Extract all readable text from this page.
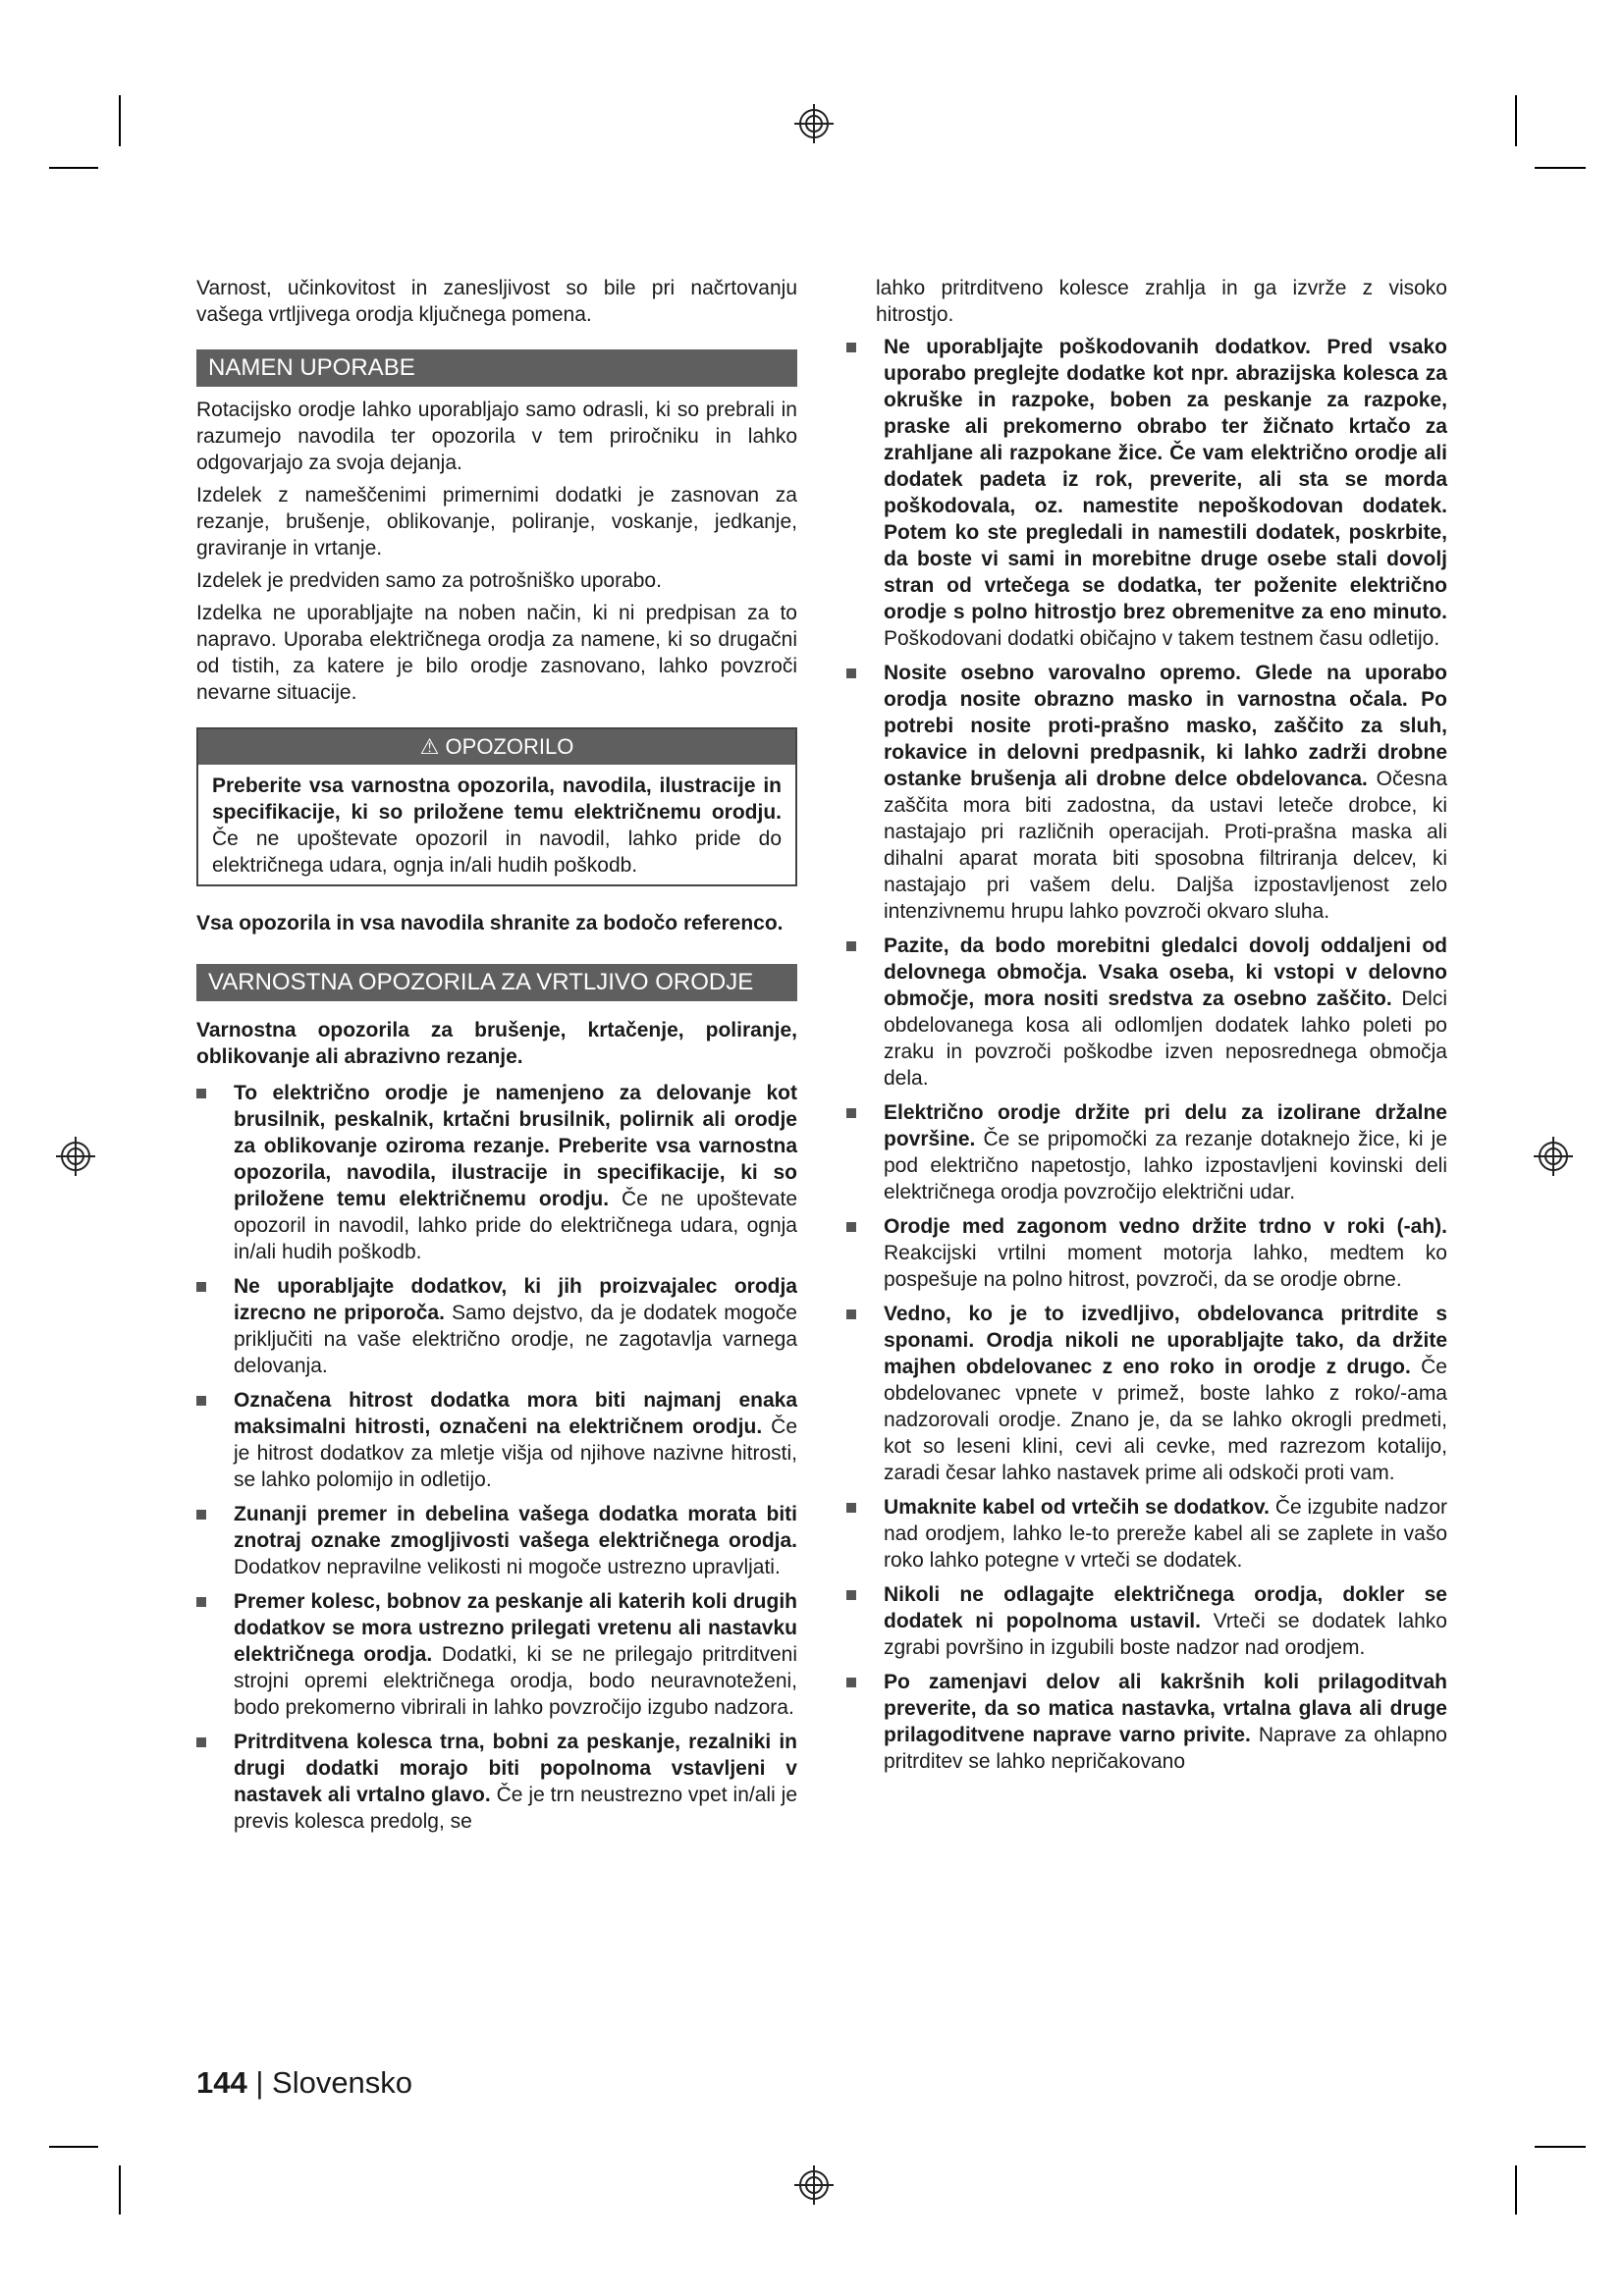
Varnost, učinkovitost in zanesljivost so bile pri načrtovanju vašega vrtljivega orodja ključnega pomena.

NAMEN UPORABE

Rotacijsko orodje lahko uporabljajo samo odrasli, ki so prebrali in razumejo navodila ter opozorila v tem priročniku in lahko odgovarjajo za svoja dejanja.

Izdelek z nameščenimi primernimi dodatki je zasnovan za rezanje, brušenje, oblikovanje, poliranje, voskanje, jedkanje, graviranje in vrtanje.

Izdelek je predviden samo za potrošniško uporabo.

Izdelka ne uporabljajte na noben način, ki ni predpisan za to napravo. Uporaba električnega orodja za namene, ki so drugačni od tistih, za katere je bilo orodje zasnovano, lahko povzroči nevarne situacije.

⚠ OPOZORILO

Preberite vsa varnostna opozorila, navodila, ilustracije in specifikacije, ki so priložene temu električnemu orodju. Če ne upoštevate opozoril in navodil, lahko pride do električnega udara, ognja in/ali hudih poškodb.

Vsa opozorila in vsa navodila shranite za bodočo referenco.

VARNOSTNA OPOZORILA ZA VRTLJIVO ORODJE

Varnostna opozorila za brušenje, krtačenje, poliranje, oblikovanje ali abrazivno rezanje.

To električno orodje je namenjeno za delovanje kot brusilnik, peskalnik, krtačni brusilnik, polirnik ali orodje za oblikovanje oziroma rezanje. Preberite vsa varnostna opozorila, navodila, ilustracije in specifikacije, ki so priložene temu električnemu orodju. Če ne upoštevate opozoril in navodil, lahko pride do električnega udara, ognja in/ali hudih poškodb.
Ne uporabljajte dodatkov, ki jih proizvajalec orodja izrecno ne priporoča. Samo dejstvo, da je dodatek mogoče priključiti na vaše električno orodje, ne zagotavlja varnega delovanja.
Označena hitrost dodatka mora biti najmanj enaka maksimalni hitrosti, označeni na električnem orodju. Če je hitrost dodatkov za mletje višja od njihove nazivne hitrosti, se lahko polomijo in odletijo.
Zunanji premer in debelina vašega dodatka morata biti znotraj oznake zmogljivosti vašega električnega orodja. Dodatkov nepravilne velikosti ni mogoče ustrezno upravljati.
Premer kolesc, bobnov za peskanje ali katerih koli drugih dodatkov se mora ustrezno prilegati vretenu ali nastavku električnega orodja. Dodatki, ki se ne prilegajo pritrditveni strojni opremi električnega orodja, bodo neuravnoteženi, bodo prekomerno vibrirali in lahko povzročijo izgubo nadzora.
Pritrditvena kolesca trna, bobni za peskanje, rezalniki in drugi dodatki morajo biti popolnoma vstavljeni v nastavek ali vrtalno glavo. Če je trn neustrezno vpet in/ali je previs kolesca predolg, se

lahko pritrditveno kolesce zrahlja in ga izvrže z visoko hitrostjo.

Ne uporabljajte poškodovanih dodatkov. Pred vsako uporabo preglejte dodatke kot npr. abrazijska kolesca za okruške in razpoke, boben za peskanje za razpoke, praske ali prekomerno obrabo ter žičnato krtačo za zrahljane ali razpokane žice. Če vam električno orodje ali dodatek padeta iz rok, preverite, ali sta se morda poškodovala, oz. namestite nepoškodovan dodatek. Potem ko ste pregledali in namestili dodatek, poskrbite, da boste vi sami in morebitne druge osebe stali dovolj stran od vrtečega se dodatka, ter poženite električno orodje s polno hitrostjo brez obremenitve za eno minuto. Poškodovani dodatki običajno v takem testnem času odletijo.
Nosite osebno varovalno opremo. Glede na uporabo orodja nosite obrazno masko in varnostna očala. Po potrebi nosite proti-prašno masko, zaščito za sluh, rokavice in delovni predpasnik, ki lahko zadrži drobne ostanke brušenja ali drobne delce obdelovanca. Očesna zaščita mora biti zadostna, da ustavi leteče drobce, ki nastajajo pri različnih operacijah. Proti-prašna maska ali dihalni aparat morata biti sposobna filtriranja delcev, ki nastajajo pri vašem delu. Daljša izpostavljenost zelo intenzivnemu hrupu lahko povzroči okvaro sluha.
Pazite, da bodo morebitni gledalci dovolj oddaljeni od delovnega območja. Vsaka oseba, ki vstopi v delovno območje, mora nositi sredstva za osebno zaščito. Delci obdelovanega kosa ali odlomljen dodatek lahko poleti po zraku in povzroči poškodbe izven neposrednega območja dela.
Električno orodje držite pri delu za izolirane držalne površine. Če se pripomočki za rezanje dotaknejo žice, ki je pod električno napetostjo, lahko izpostavljeni kovinski deli električnega orodja povzročijo električni udar.
Orodje med zagonom vedno držite trdno v roki (-ah). Reakcijski vrtilni moment motorja lahko, medtem ko pospešuje na polno hitrost, povzroči, da se orodje obrne.
Vedno, ko je to izvedljivo, obdelovanca pritrdite s sponami. Orodja nikoli ne uporabljajte tako, da držite majhen obdelovanec z eno roko in orodje z drugo. Če obdelovanec vpnete v primež, boste lahko z roko/-ama nadzorovali orodje. Znano je, da se lahko okrogli predmeti, kot so leseni klini, cevi ali cevke, med razrezom kotalijo, zaradi česar lahko nastavek prime ali odskoči proti vam.
Umaknite kabel od vrtečih se dodatkov. Če izgubite nadzor nad orodjem, lahko le-to prereže kabel ali se zaplete in vašo roko lahko potegne v vrteči se dodatek.
Nikoli ne odlagajte električnega orodja, dokler se dodatek ni popolnoma ustavil. Vrteči se dodatek lahko zgrabi površino in izgubili boste nadzor nad orodjem.
Po zamenjavi delov ali kakršnih koli prilagoditvah preverite, da so matica nastavka, vrtalna glava ali druge prilagoditvene naprave varno privite. Naprave za ohlapno pritrditev se lahko nepričakovano
144 | Slovensko
